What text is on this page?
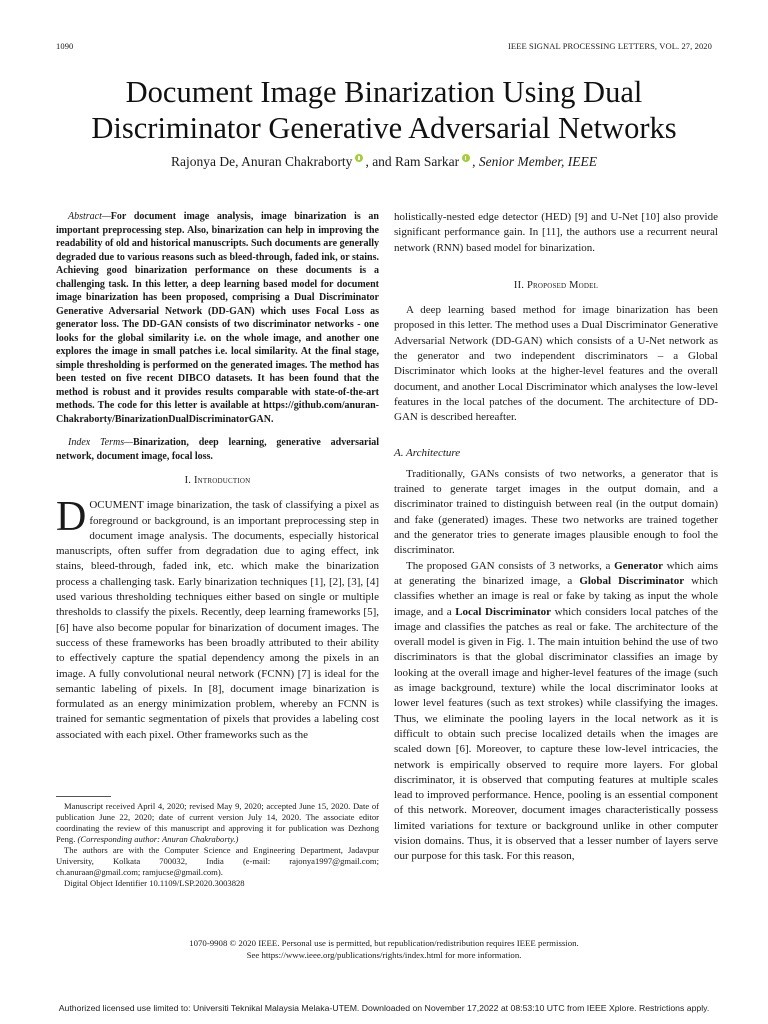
1090	IEEE SIGNAL PROCESSING LETTERS, VOL. 27, 2020
Document Image Binarization Using Dual
Discriminator Generative Adversarial Networks
Rajonya De, Anuran Chakraborty , and Ram Sarkar , Senior Member, IEEE

Abstract—For document image analysis, image binarization is an important preprocessing step. Also, binarization can help in improving the readability of old and historical manuscripts. Such documents are generally degraded due to various reasons such as bleed-through, faded ink, or stains. Achieving good binarization performance on these documents is a challenging task. In this letter, a deep learning based model for document image binarization has been proposed, comprising a Dual Discriminator Generative Adversarial Network (DD-GAN) which uses Focal Loss as generator loss. The DD-GAN consists of two discriminator networks - one looks for the global similarity i.e. on the whole image, and another one explores the image in small patches i.e. local similarity. At the final stage, simple thresholding is performed on the generated images. The method has been tested on five recent DIBCO datasets. It has been found that the method is robust and it provides results comparable with state-of-the-art methods. The code for this letter is available at https://github.com/anuran-Chakraborty/BinarizationDualDiscriminatorGAN.

Index Terms—Binarization, deep learning, generative adversarial network, document image, focal loss.

I. Introduction

DOCUMENT image binarization, the task of classifying a pixel as foreground or background, is an important preprocessing step in document image analysis. The documents, especially historical manuscripts, often suffer from degradation due to aging effect, ink stains, bleed-through, faded ink, etc. which make the binarization process a challenging task. Early binarization techniques [1], [2], [3], [4] used various thresholding techniques either based on single or multiple thresholds to classify the pixels. Recently, deep learning frameworks [5], [6] have also become popular for binarization of document images. The success of these frameworks has been broadly attributed to their ability to effectively capture the spatial dependency among the pixels in an image. A fully convolutional neural network (FCNN) [7] is ideal for the semantic labeling of pixels. In [8], document image binarization is formulated as an energy minimization problem, whereby an FCNN is trained for semantic segmentation of pixels that provides a labeling cost associated with each pixel. Other frameworks such as the

Manuscript received April 4, 2020; revised May 9, 2020; accepted June 15, 2020. Date of publication June 22, 2020; date of current version July 14, 2020. The associate editor coordinating the review of this manuscript and approving it for publication was Dezhong Peng. (Corresponding author: Anuran Chakraborty.)

The authors are with the Computer Science and Engineering Department, Jadavpur University, Kolkata 700032, India (e-mail: rajonya1997@gmail.com; ch.anuraan@gmail.com; ramjucse@gmail.com).

Digital Object Identifier 10.1109/LSP.2020.3003828

holistically-nested edge detector (HED) [9] and U-Net [10] also provide significant performance gain. In [11], the authors use a recurrent neural network (RNN) based model for binarization.

II. Proposed Model

A deep learning based method for image binarization has been proposed in this letter. The method uses a Dual Discriminator Generative Adversarial Network (DD-GAN) which consists of a U-Net network as the generator and two independent discriminators – a Global Discriminator which looks at the higher-level features and the overall document, and another Local Discriminator which analyses the low-level features in the local patches of the document. The architecture of DD-GAN is described hereafter.

A. Architecture

Traditionally, GANs consists of two networks, a generator that is trained to generate target images in the output domain, and a discriminator trained to distinguish between real (in the output domain) and fake (generated) images. These two networks are trained together and the generator tries to generate images plausible enough to fool the discriminator.

The proposed GAN consists of 3 networks, a Generator which aims at generating the binarized image, a Global Discriminator which classifies whether an image is real or fake by taking as input the whole image, and a Local Discriminator which considers local patches of the image and classifies the patches as real or fake. The architecture of the overall model is given in Fig. 1. The main intuition behind the use of two discriminators is that the global discriminator classifies an image by looking at the overall image and higher-level features of the image (such as image background, texture) while the local discriminator looks at lower level features (such as text strokes) while classifying the images. Thus, we eliminate the pooling layers in the local network as it is difficult to obtain such precise localized details when the images are scaled down [6]. Moreover, to capture these low-level intricacies, the network is empirically observed to require more layers. For global discriminator, it is observed that computing features at multiple scales lead to improved performance. Hence, pooling is an essential component of this network. Moreover, document images characteristically possess limited variations for texture or background unlike in other computer vision domains. Thus, it is observed that a lesser number of layers serve our purpose for this task. For this reason,

1070-9908 © 2020 IEEE. Personal use is permitted, but republication/redistribution requires IEEE permission.
See https://www.ieee.org/publications/rights/index.html for more information.
Authorized licensed use limited to: Universiti Teknikal Malaysia Melaka-UTEM. Downloaded on November 17,2022 at 08:53:10 UTC from IEEE Xplore. Restrictions apply.
